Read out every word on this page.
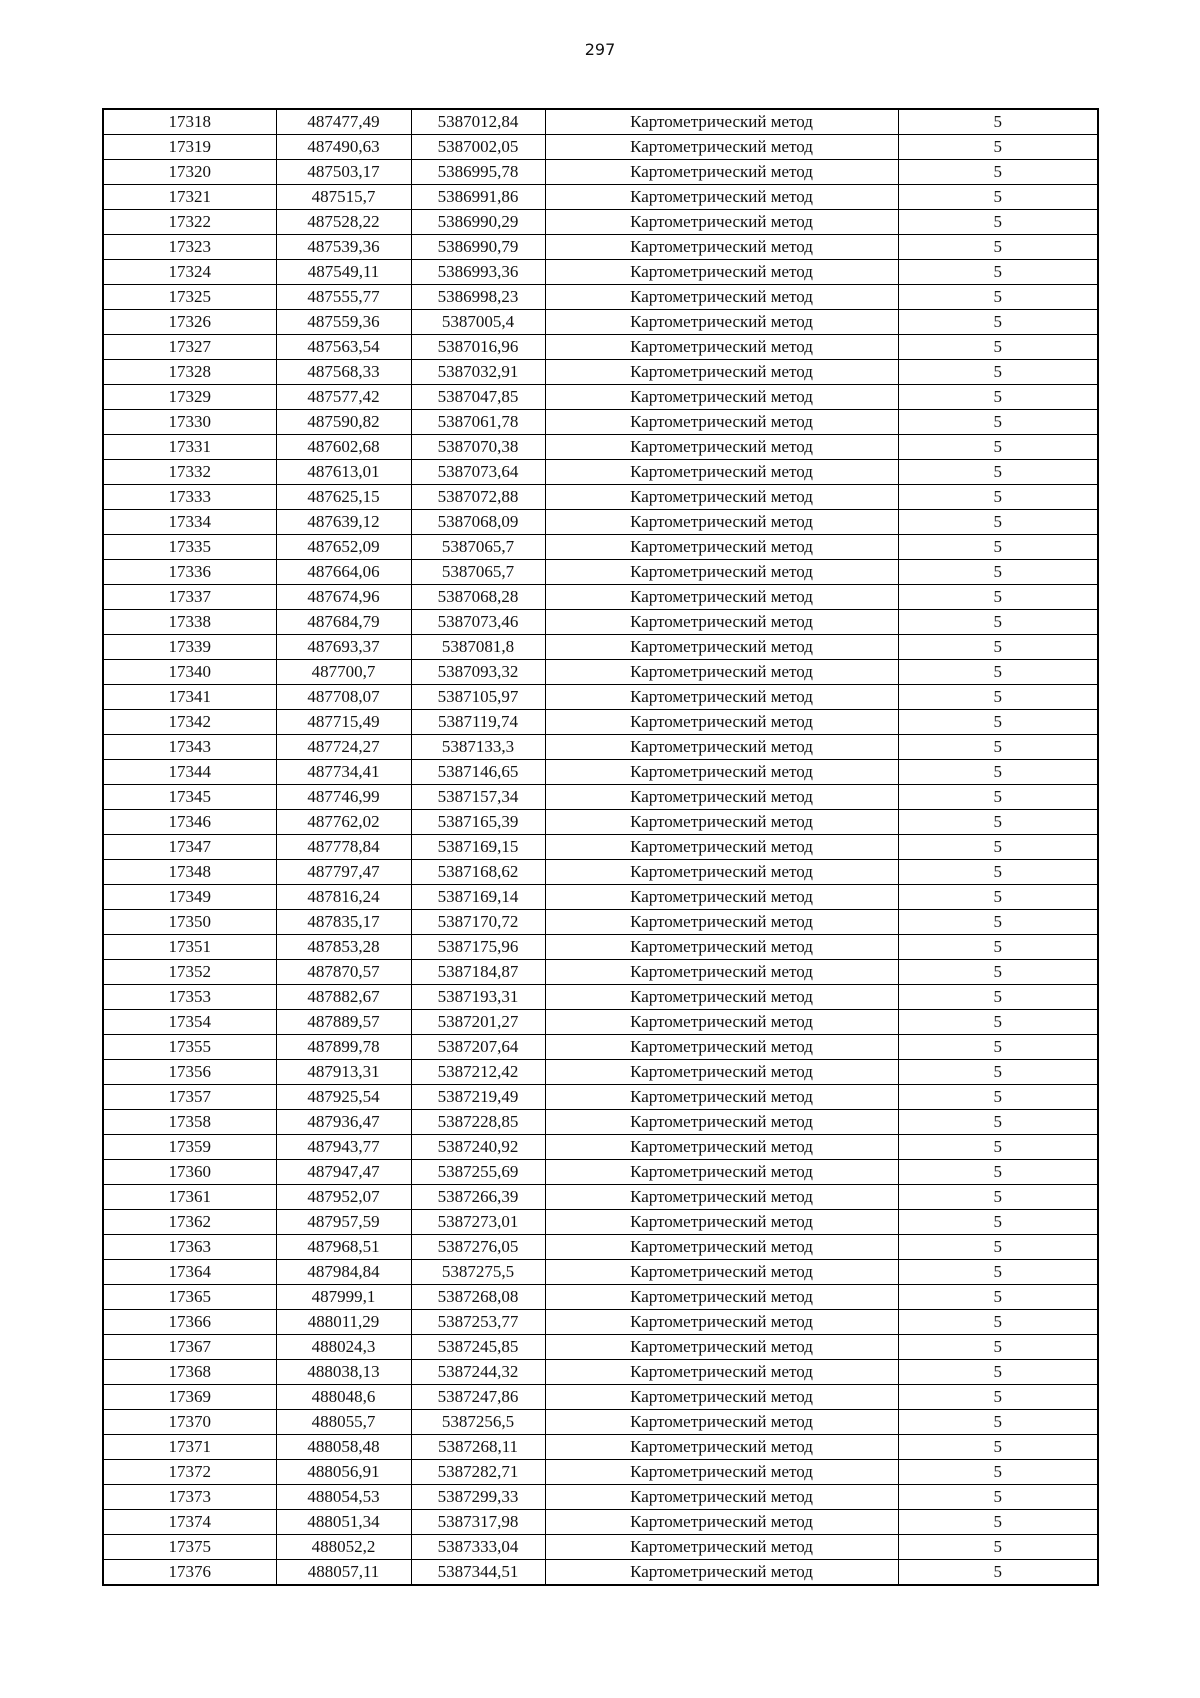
297
17318	487477,49	5387012,84	Картометрический метод	5
17319	487490,63	5387002,05	Картометрический метод	5
17320	487503,17	5386995,78	Картометрический метод	5
17321	487515,7	5386991,86	Картометрический метод	5
17322	487528,22	5386990,29	Картометрический метод	5
17323	487539,36	5386990,79	Картометрический метод	5
17324	487549,11	5386993,36	Картометрический метод	5
17325	487555,77	5386998,23	Картометрический метод	5
17326	487559,36	5387005,4	Картометрический метод	5
17327	487563,54	5387016,96	Картометрический метод	5
17328	487568,33	5387032,91	Картометрический метод	5
17329	487577,42	5387047,85	Картометрический метод	5
17330	487590,82	5387061,78	Картометрический метод	5
17331	487602,68	5387070,38	Картометрический метод	5
17332	487613,01	5387073,64	Картометрический метод	5
17333	487625,15	5387072,88	Картометрический метод	5
17334	487639,12	5387068,09	Картометрический метод	5
17335	487652,09	5387065,7	Картометрический метод	5
17336	487664,06	5387065,7	Картометрический метод	5
17337	487674,96	5387068,28	Картометрический метод	5
17338	487684,79	5387073,46	Картометрический метод	5
17339	487693,37	5387081,8	Картометрический метод	5
17340	487700,7	5387093,32	Картометрический метод	5
17341	487708,07	5387105,97	Картометрический метод	5
17342	487715,49	5387119,74	Картометрический метод	5
17343	487724,27	5387133,3	Картометрический метод	5
17344	487734,41	5387146,65	Картометрический метод	5
17345	487746,99	5387157,34	Картометрический метод	5
17346	487762,02	5387165,39	Картометрический метод	5
17347	487778,84	5387169,15	Картометрический метод	5
17348	487797,47	5387168,62	Картометрический метод	5
17349	487816,24	5387169,14	Картометрический метод	5
17350	487835,17	5387170,72	Картометрический метод	5
17351	487853,28	5387175,96	Картометрический метод	5
17352	487870,57	5387184,87	Картометрический метод	5
17353	487882,67	5387193,31	Картометрический метод	5
17354	487889,57	5387201,27	Картометрический метод	5
17355	487899,78	5387207,64	Картометрический метод	5
17356	487913,31	5387212,42	Картометрический метод	5
17357	487925,54	5387219,49	Картометрический метод	5
17358	487936,47	5387228,85	Картометрический метод	5
17359	487943,77	5387240,92	Картометрический метод	5
17360	487947,47	5387255,69	Картометрический метод	5
17361	487952,07	5387266,39	Картометрический метод	5
17362	487957,59	5387273,01	Картометрический метод	5
17363	487968,51	5387276,05	Картометрический метод	5
17364	487984,84	5387275,5	Картометрический метод	5
17365	487999,1	5387268,08	Картометрический метод	5
17366	488011,29	5387253,77	Картометрический метод	5
17367	488024,3	5387245,85	Картометрический метод	5
17368	488038,13	5387244,32	Картометрический метод	5
17369	488048,6	5387247,86	Картометрический метод	5
17370	488055,7	5387256,5	Картометрический метод	5
17371	488058,48	5387268,11	Картометрический метод	5
17372	488056,91	5387282,71	Картометрический метод	5
17373	488054,53	5387299,33	Картометрический метод	5
17374	488051,34	5387317,98	Картометрический метод	5
17375	488052,2	5387333,04	Картометрический метод	5
17376	488057,11	5387344,51	Картометрический метод	5
